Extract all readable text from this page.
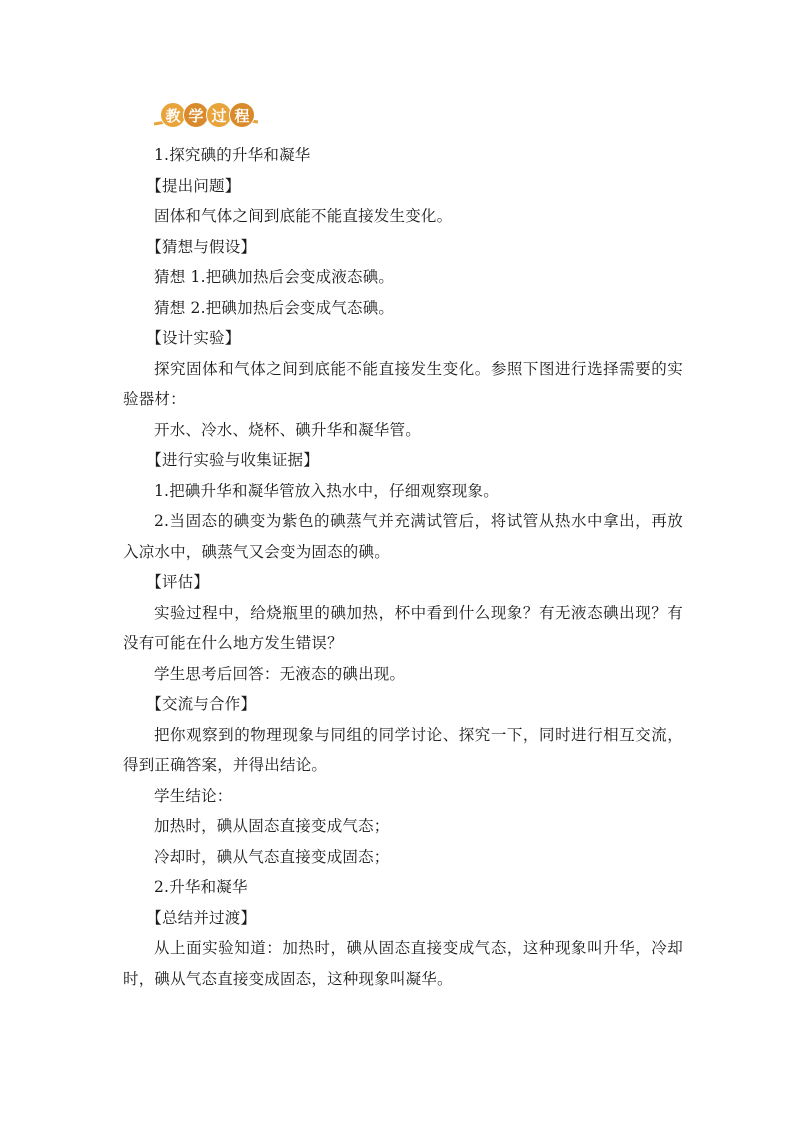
教 学 过 程

1.探究碘的升华和凝华

【提出问题】

固体和气体之间到底能不能直接发生变化。

【猜想与假设】

猜想 1.把碘加热后会变成液态碘。

猜想 2.把碘加热后会变成气态碘。

【设计实验】

探究固体和气体之间到底能不能直接发生变化。参照下图进行选择需要的实验器材：

开水、冷水、烧杯、碘升华和凝华管。

【进行实验与收集证据】

1.把碘升华和凝华管放入热水中，仔细观察现象。

2.当固态的碘变为紫色的碘蒸气并充满试管后，将试管从热水中拿出，再放入凉水中，碘蒸气又会变为固态的碘。

【评估】

实验过程中，给烧瓶里的碘加热，杯中看到什么现象？有无液态碘出现？有没有可能在什么地方发生错误？

学生思考后回答：无液态的碘出现。

【交流与合作】

把你观察到的物理现象与同组的同学讨论、探究一下，同时进行相互交流，得到正确答案，并得出结论。

学生结论：

加热时，碘从固态直接变成气态；

冷却时，碘从气态直接变成固态；

2.升华和凝华

【总结并过渡】

从上面实验知道：加热时，碘从固态直接变成气态，这种现象叫升华，冷却时，碘从气态直接变成固态，这种现象叫凝华。
